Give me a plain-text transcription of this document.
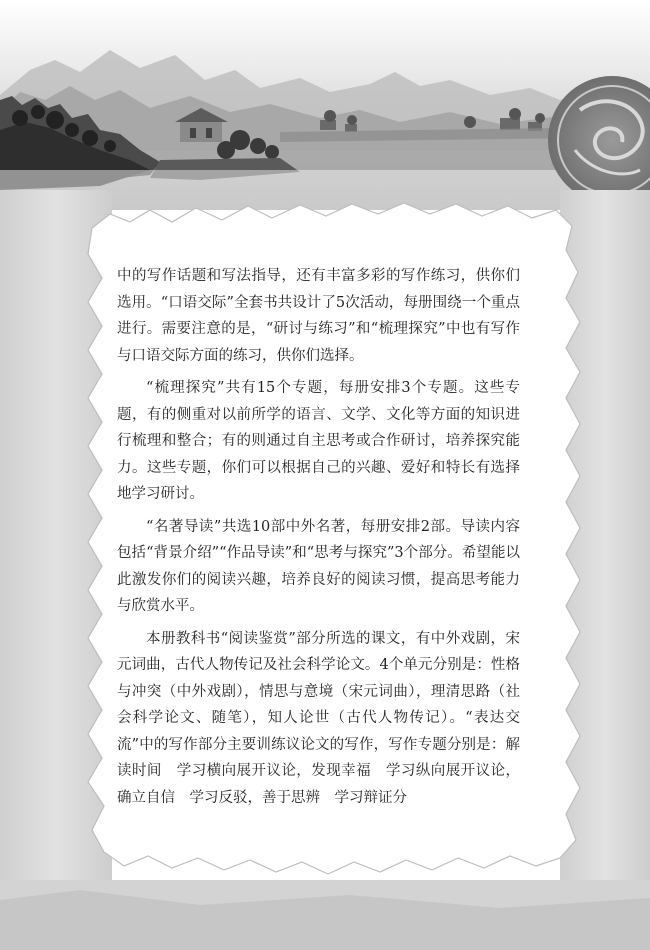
中的写作话题和写法指导，还有丰富多彩的写作练习，供你们选用。“口语交际”全套书共设计了5次活动，每册围绕一个重点进行。需要注意的是，“研讨与练习”和“梳理探究”中也有写作与口语交际方面的练习，供你们选择。

“梳理探究”共有15个专题，每册安排3个专题。这些专题，有的侧重对以前所学的语言、文学、文化等方面的知识进行梳理和整合；有的则通过自主思考或合作研讨，培养探究能力。这些专题，你们可以根据自己的兴趣、爱好和特长有选择地学习研讨。

“名著导读”共选10部中外名著，每册安排2部。导读内容包括“背景介绍”“作品导读”和“思考与探究”3个部分。希望能以此激发你们的阅读兴趣，培养良好的阅读习惯，提高思考能力与欣赏水平。

本册教科书“阅读鉴赏”部分所选的课文，有中外戏剧，宋元词曲，古代人物传记及社会科学论文。4个单元分别是：性格与冲突（中外戏剧），情思与意境（宋元词曲），理清思路（社会科学论文、随笔），知人论世（古代人物传记）。“表达交流”中的写作部分主要训练议论文的写作，写作专题分别是：解读时间　学习横向展开议论，发现幸福　学习纵向展开议论，确立自信　学习反驳，善于思辨　学习辩证分
